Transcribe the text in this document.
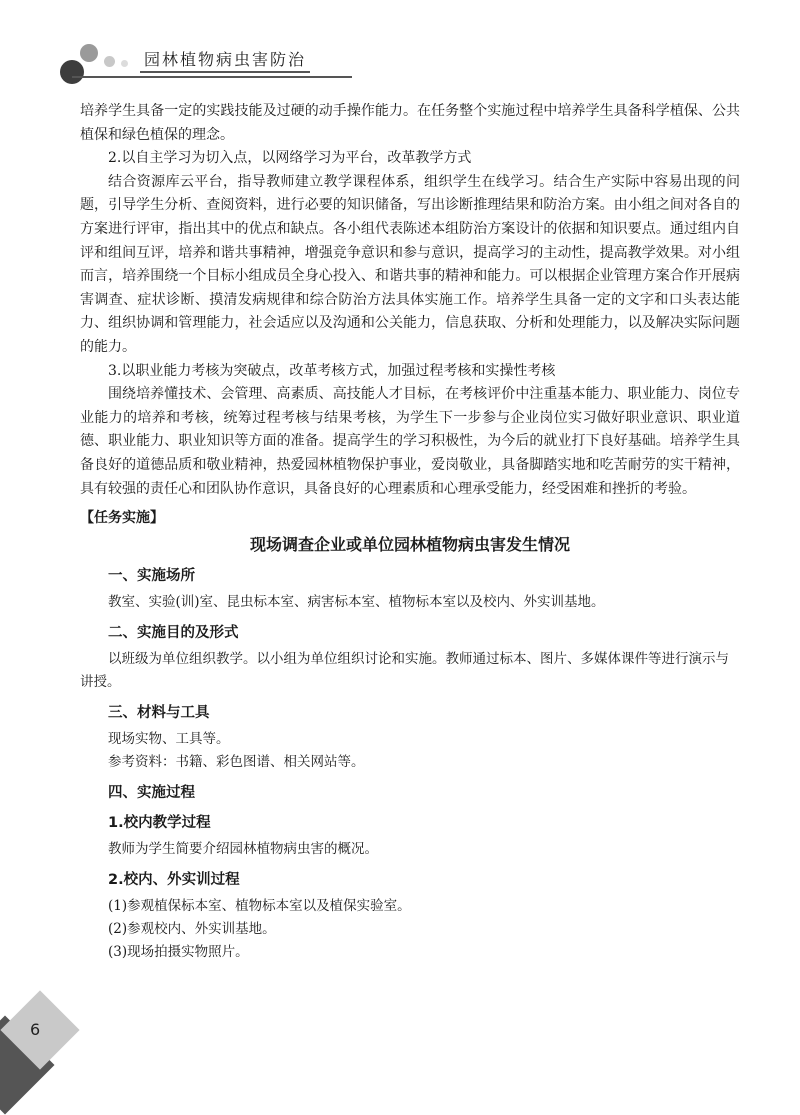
园林植物病虫害防治

培养学生具备一定的实践技能及过硬的动手操作能力。在任务整个实施过程中培养学生具备科学植保、公共植保和绿色植保的理念。

2.以自主学习为切入点，以网络学习为平台，改革教学方式

结合资源库云平台，指导教师建立教学课程体系，组织学生在线学习。结合生产实际中容易出现的问题，引导学生分析、查阅资料，进行必要的知识储备，写出诊断推理结果和防治方案。由小组之间对各自的方案进行评审，指出其中的优点和缺点。各小组代表陈述本组防治方案设计的依据和知识要点。通过组内自评和组间互评，培养和谐共事精神，增强竞争意识和参与意识，提高学习的主动性，提高教学效果。对小组而言，培养围绕一个目标小组成员全身心投入、和谐共事的精神和能力。可以根据企业管理方案合作开展病害调查、症状诊断、摸清发病规律和综合防治方法具体实施工作。培养学生具备一定的文字和口头表达能力、组织协调和管理能力，社会适应以及沟通和公关能力，信息获取、分析和处理能力，以及解决实际问题的能力。

3.以职业能力考核为突破点，改革考核方式，加强过程考核和实操性考核

围绕培养懂技术、会管理、高素质、高技能人才目标，在考核评价中注重基本能力、职业能力、岗位专业能力的培养和考核，统筹过程考核与结果考核，为学生下一步参与企业岗位实习做好职业意识、职业道德、职业能力、职业知识等方面的准备。提高学生的学习积极性，为今后的就业打下良好基础。培养学生具备良好的道德品质和敬业精神，热爱园林植物保护事业，爱岗敬业，具备脚踏实地和吃苦耐劳的实干精神，具有较强的责任心和团队协作意识，具备良好的心理素质和心理承受能力，经受困难和挫折的考验。

【任务实施】

现场调查企业或单位园林植物病虫害发生情况

一、实施场所

教室、实验(训)室、昆虫标本室、病害标本室、植物标本室以及校内、外实训基地。

二、实施目的及形式

以班级为单位组织教学。以小组为单位组织讨论和实施。教师通过标本、图片、多媒体课件等进行演示与讲授。

三、材料与工具

现场实物、工具等。

参考资料：书籍、彩色图谱、相关网站等。

四、实施过程

1.校内教学过程

教师为学生简要介绍园林植物病虫害的概况。

2.校内、外实训过程

(1)参观植保标本室、植物标本室以及植保实验室。

(2)参观校内、外实训基地。

(3)现场拍摄实物照片。

6
